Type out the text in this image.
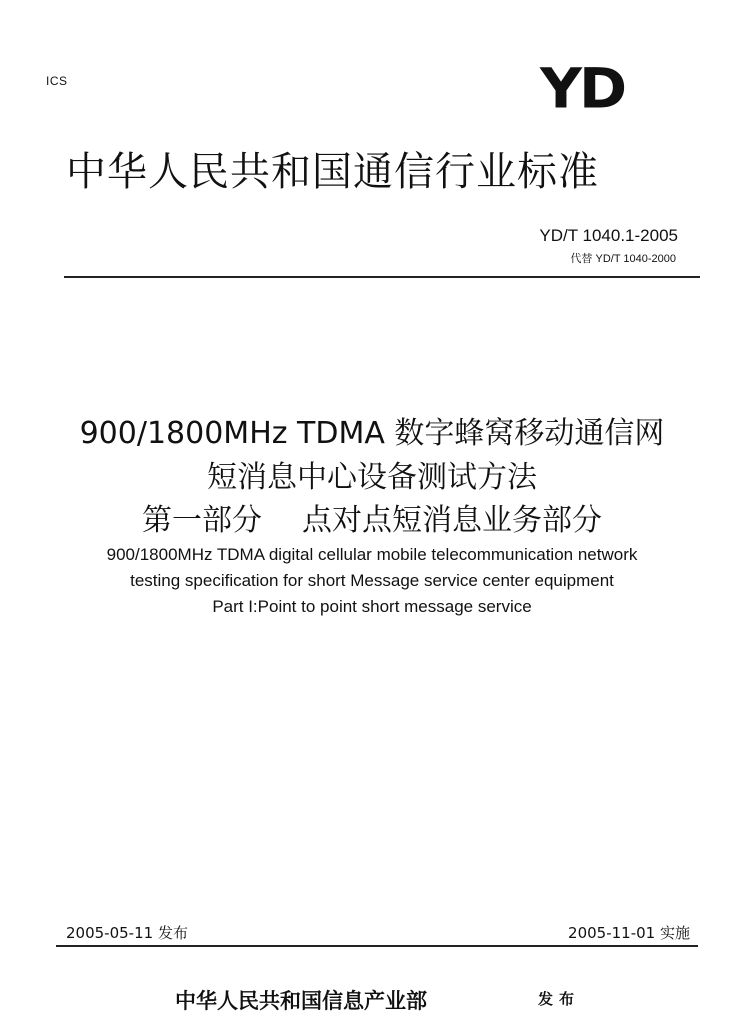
ICS	YD
中华人民共和国通信行业标准
YD/T 1040.1-2005
代替 YD/T 1040-2000
900/1800MHz TDMA 数字蜂窝移动通信网
短消息中心设备测试方法
第一部分 点对点短消息业务部分
900/1800MHz TDMA digital cellular mobile telecommunication network
testing specification for short Message service center equipment
Part I:Point to point short message service
2005-05-11 发布	2005-11-01 实施
中华人民共和国信息产业部	发布
